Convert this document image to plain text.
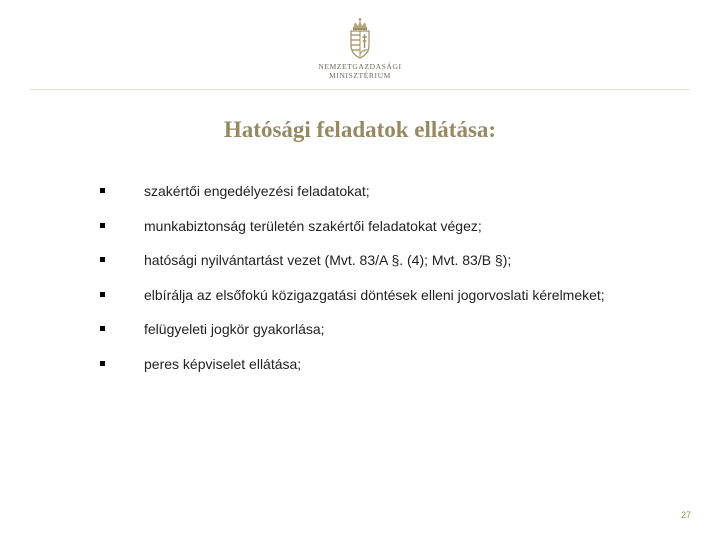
NEMZETGAZDASÁGI
MINISZTÉRIUM
Hatósági feladatok ellátása:
szakértői engedélyezési feladatokat;
munkabiztonság területén szakértői feladatokat végez;
hatósági nyilvántartást vezet (Mvt. 83/A §. (4); Mvt. 83/B §);
elbírálja az elsőfokú közigazgatási döntések elleni jogorvoslati kérelmeket;
felügyeleti jogkör gyakorlása;
peres képviselet ellátása;
27
